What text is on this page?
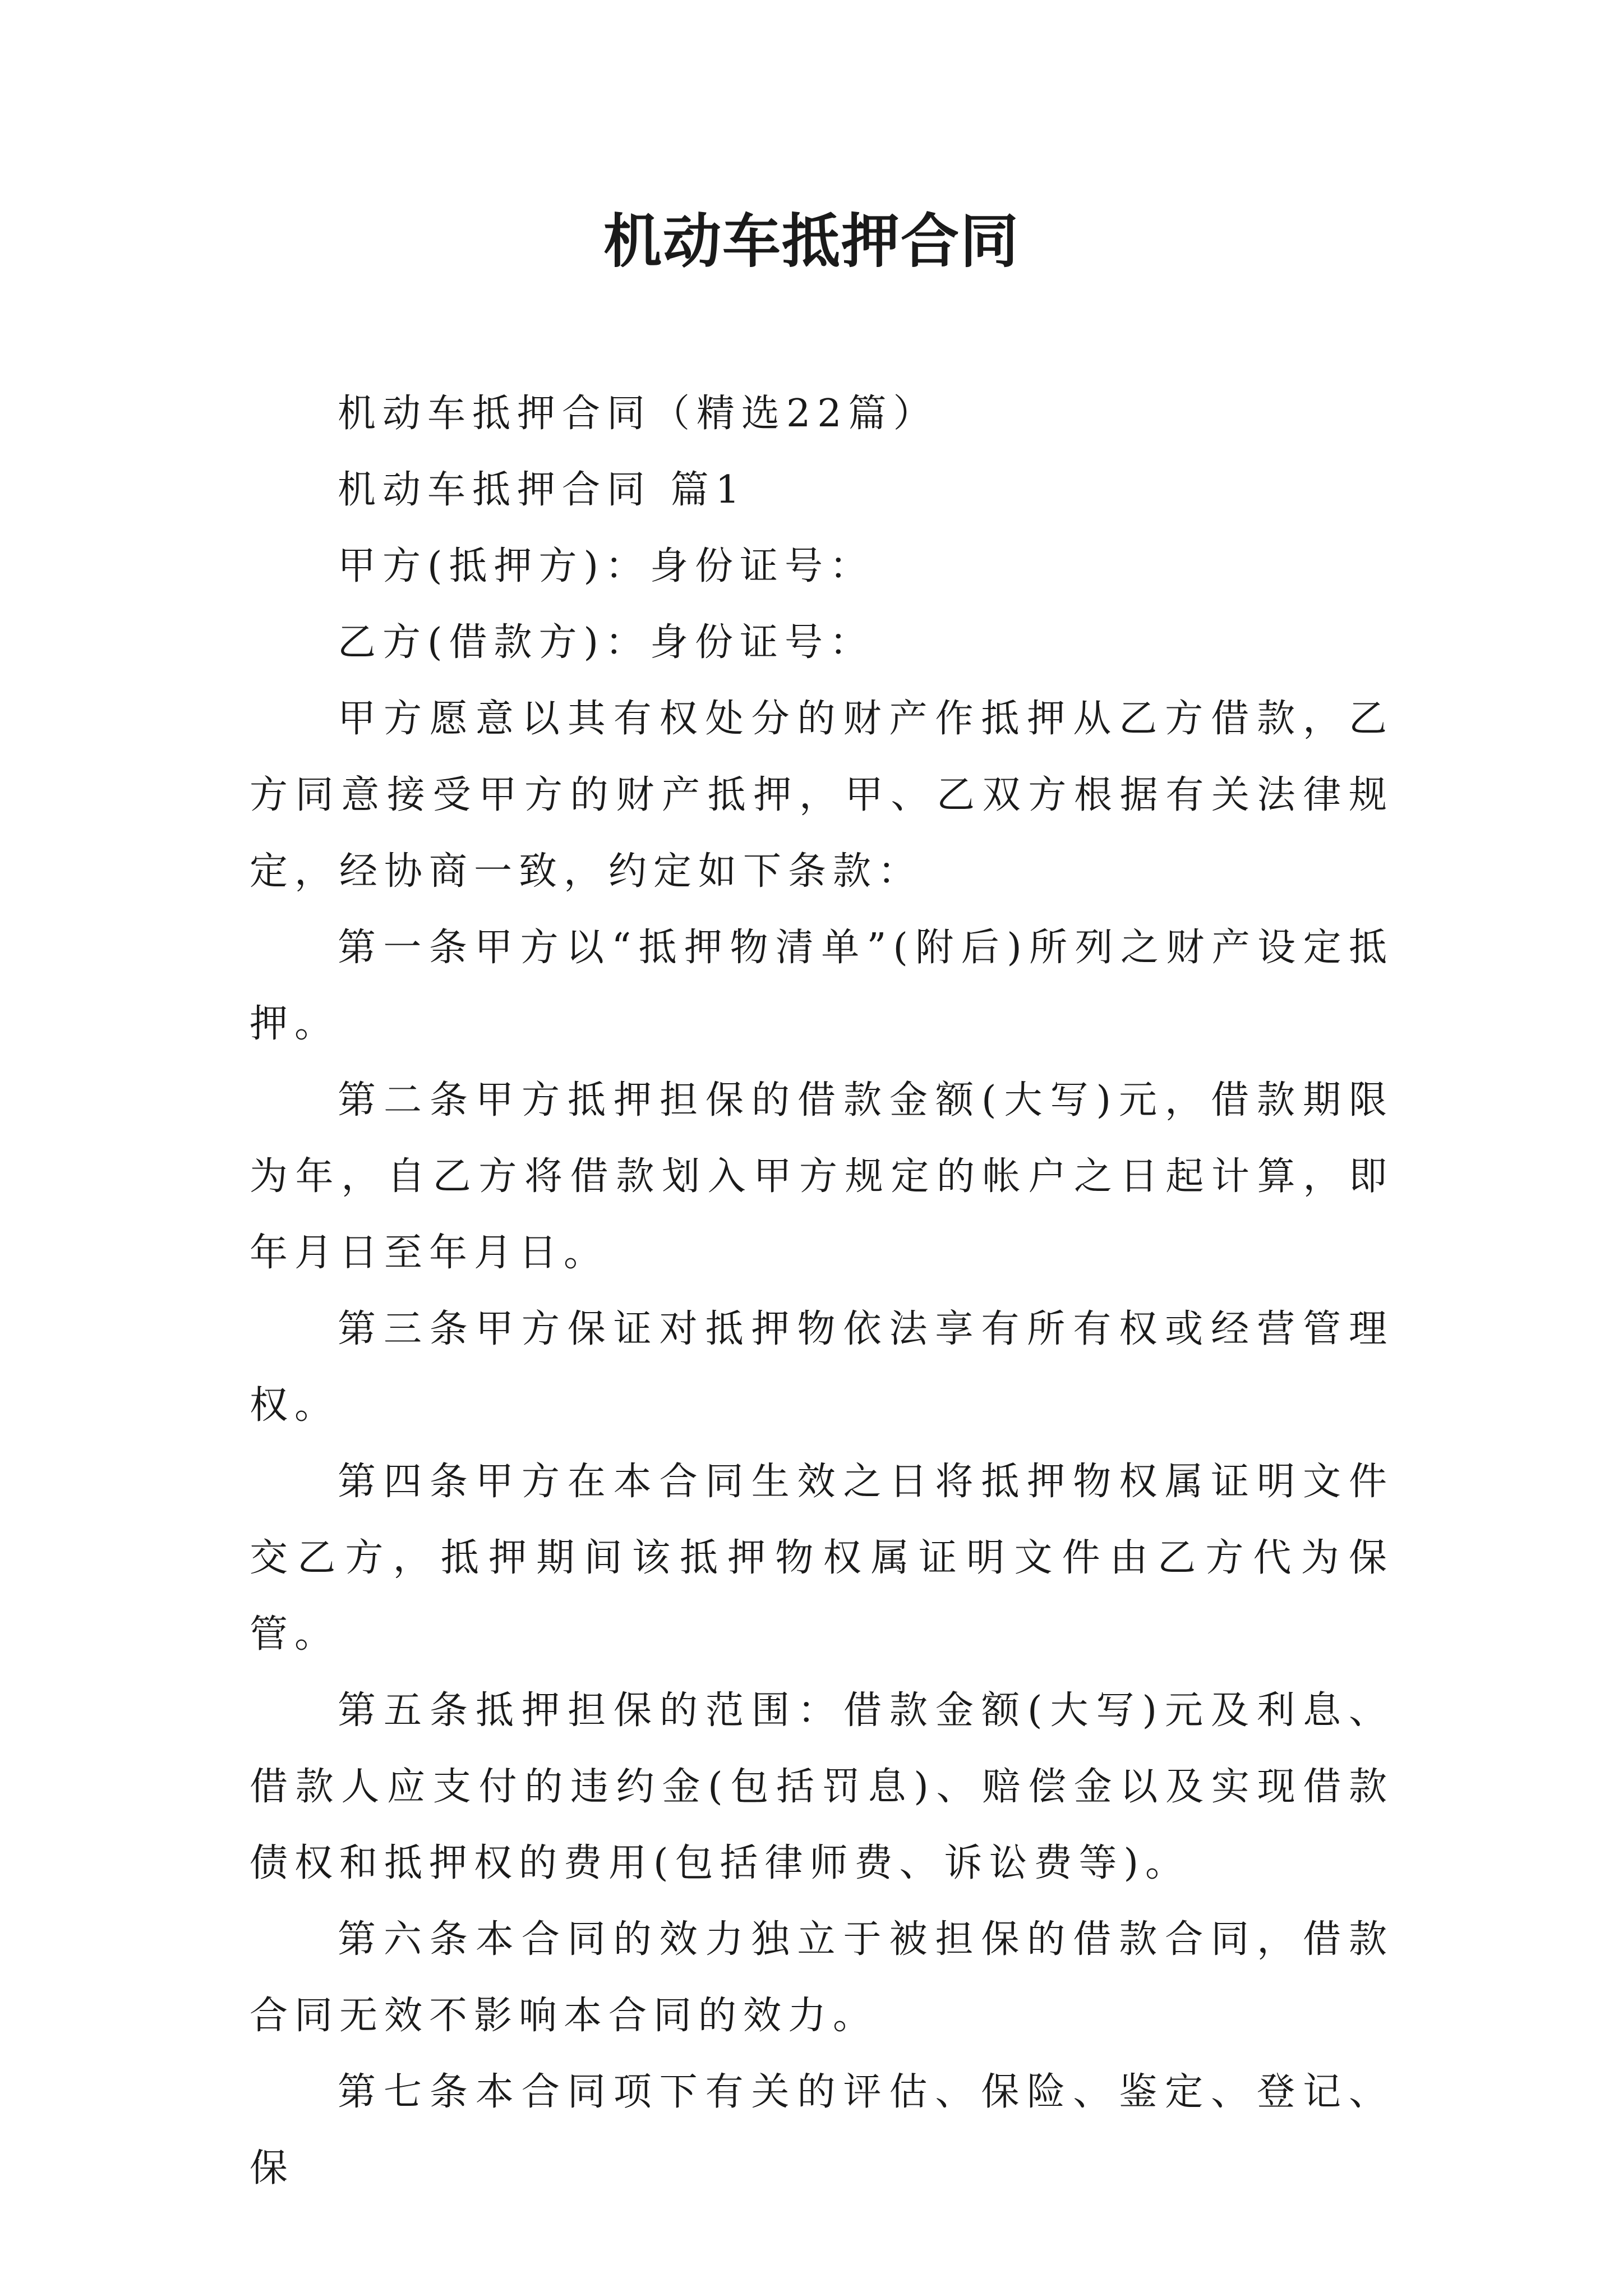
机动车抵押合同

机动车抵押合同（精选22篇）

机动车抵押合同 篇1

甲方(抵押方)：身份证号：

乙方(借款方)：身份证号：

甲方愿意以其有权处分的财产作抵押从乙方借款，乙方同意接受甲方的财产抵押，甲、乙双方根据有关法律规定，经协商一致，约定如下条款：

第一条甲方以“抵押物清单”(附后)所列之财产设定抵押。

第二条甲方抵押担保的借款金额(大写)元，借款期限为年，自乙方将借款划入甲方规定的帐户之日起计算，即年月日至年月日。

第三条甲方保证对抵押物依法享有所有权或经营管理权。

第四条甲方在本合同生效之日将抵押物权属证明文件交乙方，抵押期间该抵押物权属证明文件由乙方代为保管。

第五条抵押担保的范围：借款金额(大写)元及利息、借款人应支付的违约金(包括罚息)、赔偿金以及实现借款债权和抵押权的费用(包括律师费、诉讼费等)。

第六条本合同的效力独立于被担保的借款合同，借款合同无效不影响本合同的效力。

第七条本合同项下有关的评估、保险、鉴定、登记、保
